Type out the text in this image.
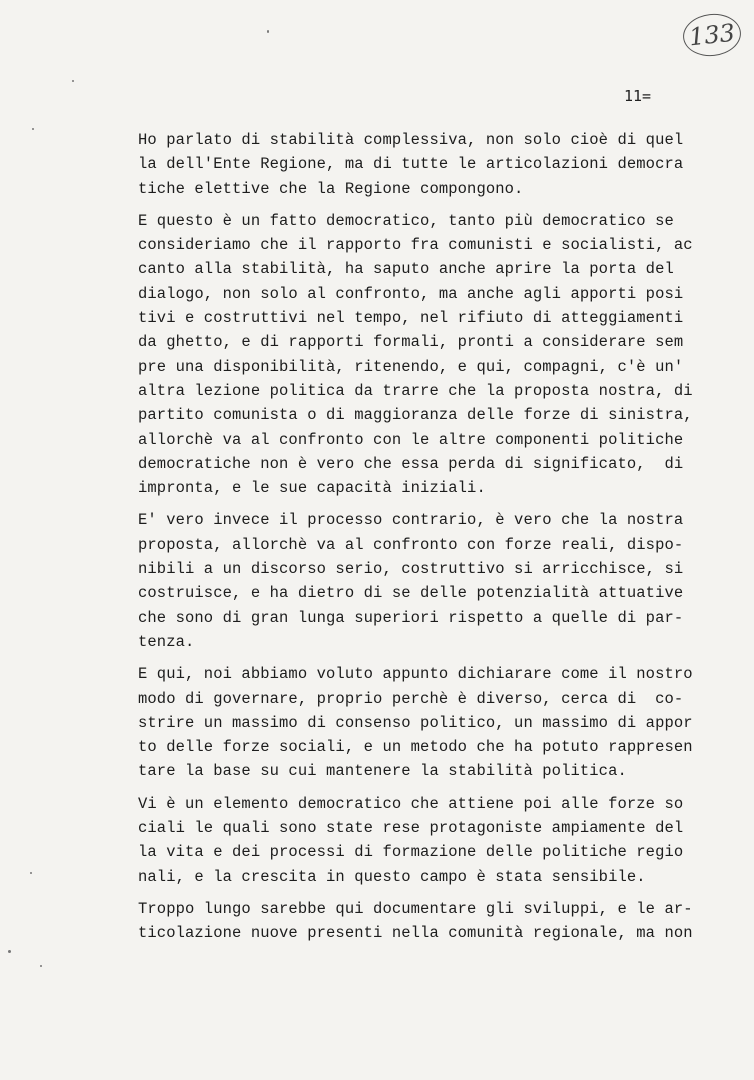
133
11=
Ho parlato di stabilità complessiva, non solo cioè di quel
la dell'Ente Regione, ma di tutte le articolazioni democra
tiche elettive che la Regione compongono.
E questo è un fatto democratico, tanto più democratico se
consideriamo che il rapporto fra comunisti e socialisti, ac
canto alla stabilità, ha saputo anche aprire la porta del
dialogo, non solo al confronto, ma anche agli apporti posi
tivi e costruttivi nel tempo, nel rifiuto di atteggiamenti
da ghetto, e di rapporti formali, pronti a considerare sem
pre una disponibilità, ritenendo, e qui, compagni, c'è un'
altra lezione politica da trarre che la proposta nostra, di
partito comunista o di maggioranza delle forze di sinistra,
allorchè va al confronto con le altre componenti politiche
democratiche non è vero che essa perda di significato,  di
impronta, e le sue capacità iniziali.
E' vero invece il processo contrario, è vero che la nostra
proposta, allorchè va al confronto con forze reali, dispo-
nibili a un discorso serio, costruttivo si arricchisce, si
costruisce, e ha dietro di se delle potenzialità attuative
che sono di gran lunga superiori rispetto a quelle di par-
tenza.
E qui, noi abbiamo voluto appunto dichiarare come il nostro
modo di governare, proprio perchè è diverso, cerca di  co-
strire un massimo di consenso politico, un massimo di appor
to delle forze sociali, e un metodo che ha potuto rappresen
tare la base su cui mantenere la stabilità politica.
Vi è un elemento democratico che attiene poi alle forze so
ciali le quali sono state rese protagoniste ampiamente del
la vita e dei processi di formazione delle politiche regio
nali, e la crescita in questo campo è stata sensibile.
Troppo lungo sarebbe qui documentare gli sviluppi, e le ar-
ticolazione nuove presenti nella comunità regionale, ma non
